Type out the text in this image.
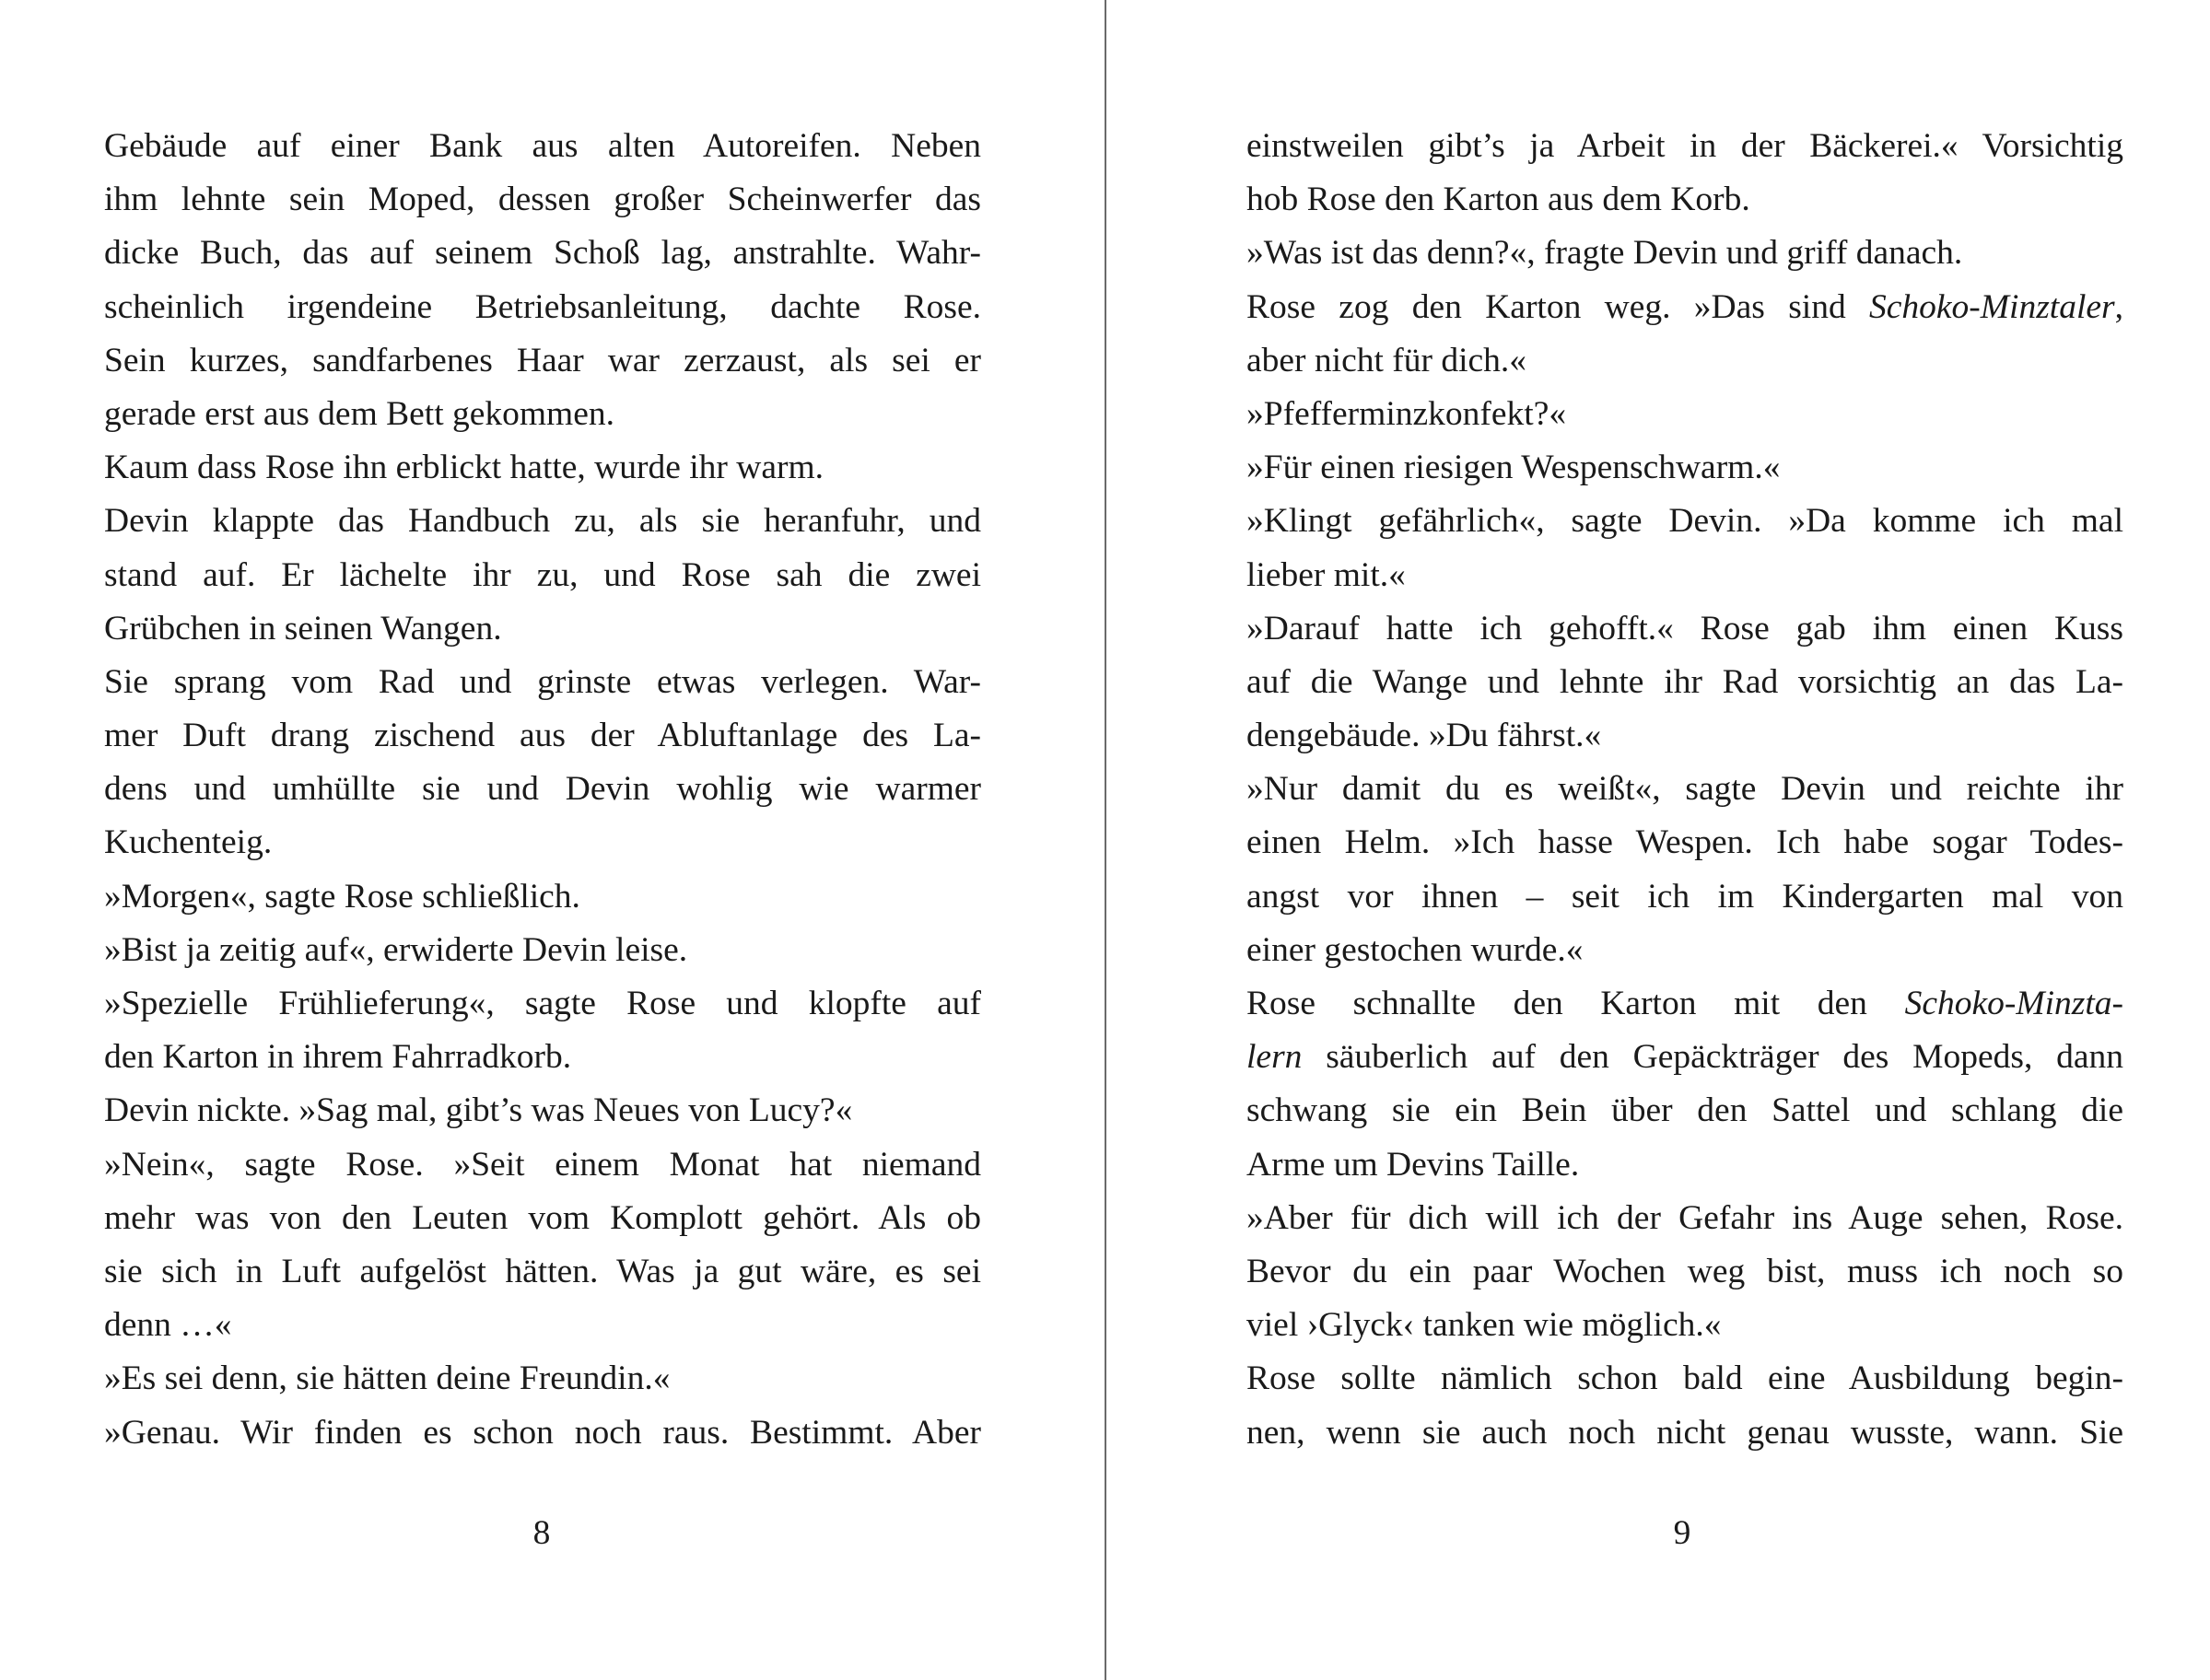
Gebäude auf einer Bank aus alten Autoreifen. Neben
ihm lehnte sein Moped, dessen großer Scheinwerfer das
dicke Buch, das auf seinem Schoß lag, anstrahlte. Wahr-
scheinlich irgendeine Betriebsanleitung, dachte Rose.
Sein kurzes, sandfarbenes Haar war zerzaust, als sei er
gerade erst aus dem Bett gekommen.
Kaum dass Rose ihn erblickt hatte, wurde ihr warm.
Devin klappte das Handbuch zu, als sie heranfuhr, und
stand auf. Er lächelte ihr zu, und Rose sah die zwei
Grübchen in seinen Wangen.
Sie sprang vom Rad und grinste etwas verlegen. War-
mer Duft drang zischend aus der Abluftanlage des La-
dens und umhüllte sie und Devin wohlig wie warmer
Kuchenteig.
»Morgen«, sagte Rose schließlich.
»Bist ja zeitig auf«, erwiderte Devin leise.
»Spezielle Frühlieferung«, sagte Rose und klopfte auf
den Karton in ihrem Fahrradkorb.
Devin nickte. »Sag mal, gibt’s was Neues von Lucy?«
»Nein«, sagte Rose. »Seit einem Monat hat niemand
mehr was von den Leuten vom Komplott gehört. Als ob
sie sich in Luft aufgelöst hätten. Was ja gut wäre, es sei
denn …«
»Es sei denn, sie hätten deine Freundin.«
»Genau. Wir finden es schon noch raus. Bestimmt. Aber
8
einstweilen gibt’s ja Arbeit in der Bäckerei.« Vorsichtig
hob Rose den Karton aus dem Korb.
»Was ist das denn?«, fragte Devin und griff danach.
Rose zog den Karton weg. »Das sind Schoko-Minztaler,
aber nicht für dich.«
»Pfefferminzkonfekt?«
»Für einen riesigen Wespenschwarm.«
»Klingt gefährlich«, sagte Devin. »Da komme ich mal
lieber mit.«
»Darauf hatte ich gehofft.« Rose gab ihm einen Kuss
auf die Wange und lehnte ihr Rad vorsichtig an das La-
dengebäude. »Du fährst.«
»Nur damit du es weißt«, sagte Devin und reichte ihr
einen Helm. »Ich hasse Wespen. Ich habe sogar Todes-
angst vor ihnen – seit ich im Kindergarten mal von
einer gestochen wurde.«
Rose schnallte den Karton mit den Schoko-Minzta-
lern säuberlich auf den Gepäckträger des Mopeds, dann
schwang sie ein Bein über den Sattel und schlang die
Arme um Devins Taille.
»Aber für dich will ich der Gefahr ins Auge sehen, Rose.
Bevor du ein paar Wochen weg bist, muss ich noch so
viel ›Glyck‹ tanken wie möglich.«
Rose sollte nämlich schon bald eine Ausbildung begin-
nen, wenn sie auch noch nicht genau wusste, wann. Sie
9
